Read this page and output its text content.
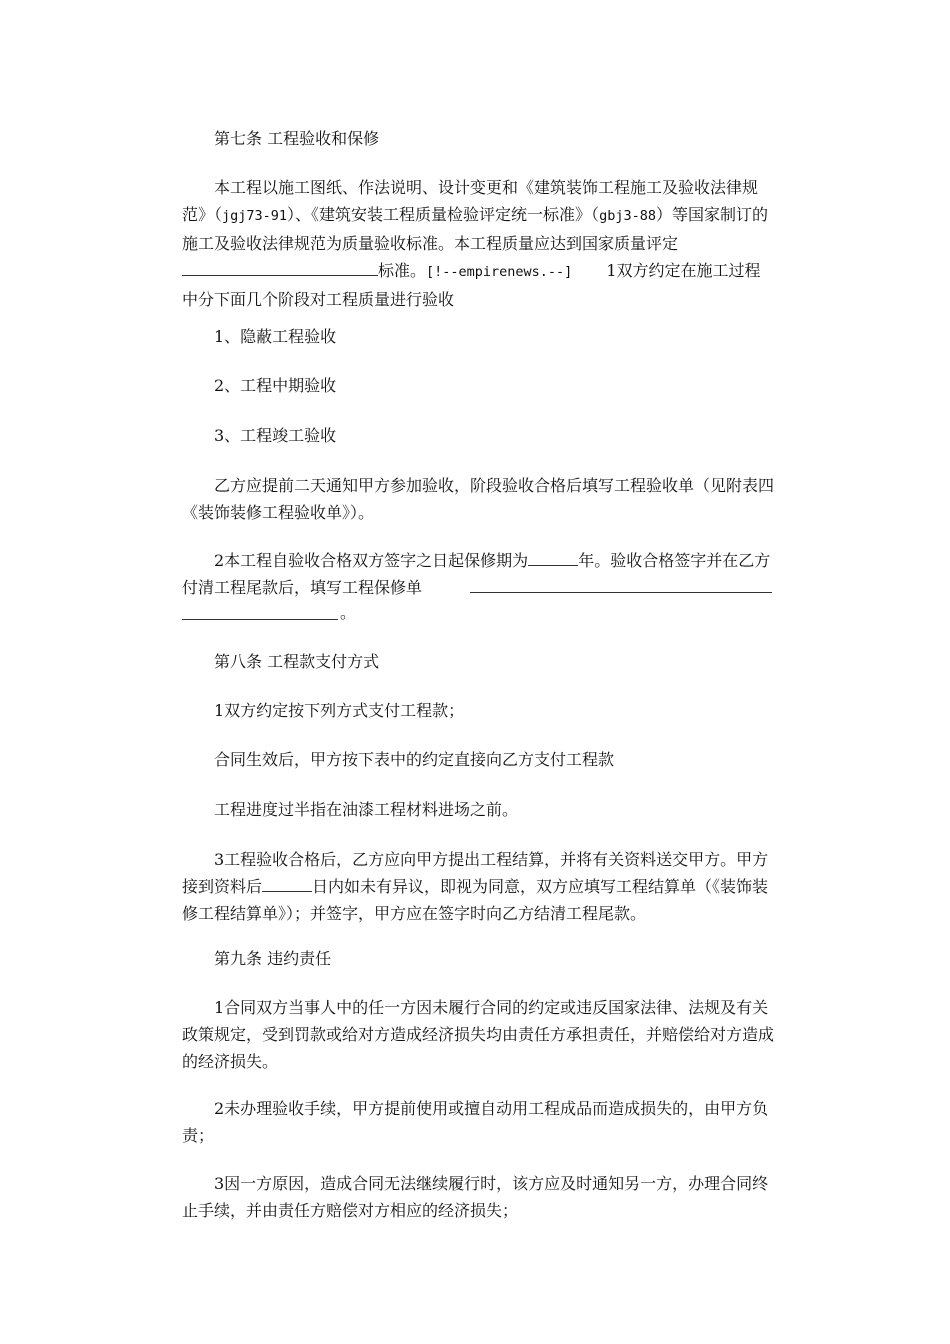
第七条 工程验收和保修
本工程以施工图纸、作法说明、设计变更和《建筑装饰工程施工及验收法律规范》（jgj73-91）、《建筑安装工程质量检验评定统一标准》（gbj3-88）等国家制订的施工及验收法律规范为质量验收标准。本工程质量应达到国家质量评定标准。[!--empirenews.--] 1双方约定在施工过程中分下面几个阶段对工程质量进行验收
1、隐蔽工程验收
2、工程中期验收
3、工程竣工验收
乙方应提前二天通知甲方参加验收，阶段验收合格后填写工程验收单（见附表四《装饰装修工程验收单》）。
2本工程自验收合格双方签字之日起保修期为	年。验收合格签字并在乙方付清工程尾款后，填写工程保修单
。
第八条 工程款支付方式
1双方约定按下列方式支付工程款；
合同生效后，甲方按下表中的约定直接向乙方支付工程款
工程进度过半指在油漆工程材料进场之前。
3工程验收合格后，乙方应向甲方提出工程结算，并将有关资料送交甲方。甲方接到资料后	日内如未有异议，即视为同意，双方应填写工程结算单（《装饰装修工程结算单》）；并签字，甲方应在签字时向乙方结清工程尾款。
第九条 违约责任
1合同双方当事人中的任一方因未履行合同的约定或违反国家法律、法规及有关政策规定，受到罚款或给对方造成经济损失均由责任方承担责任，并赔偿给对方造成的经济损失。
2未办理验收手续，甲方提前使用或擅自动用工程成品而造成损失的，由甲方负责；
3因一方原因，造成合同无法继续履行时，该方应及时通知另一方，办理合同终止手续，并由责任方赔偿对方相应的经济损失；
